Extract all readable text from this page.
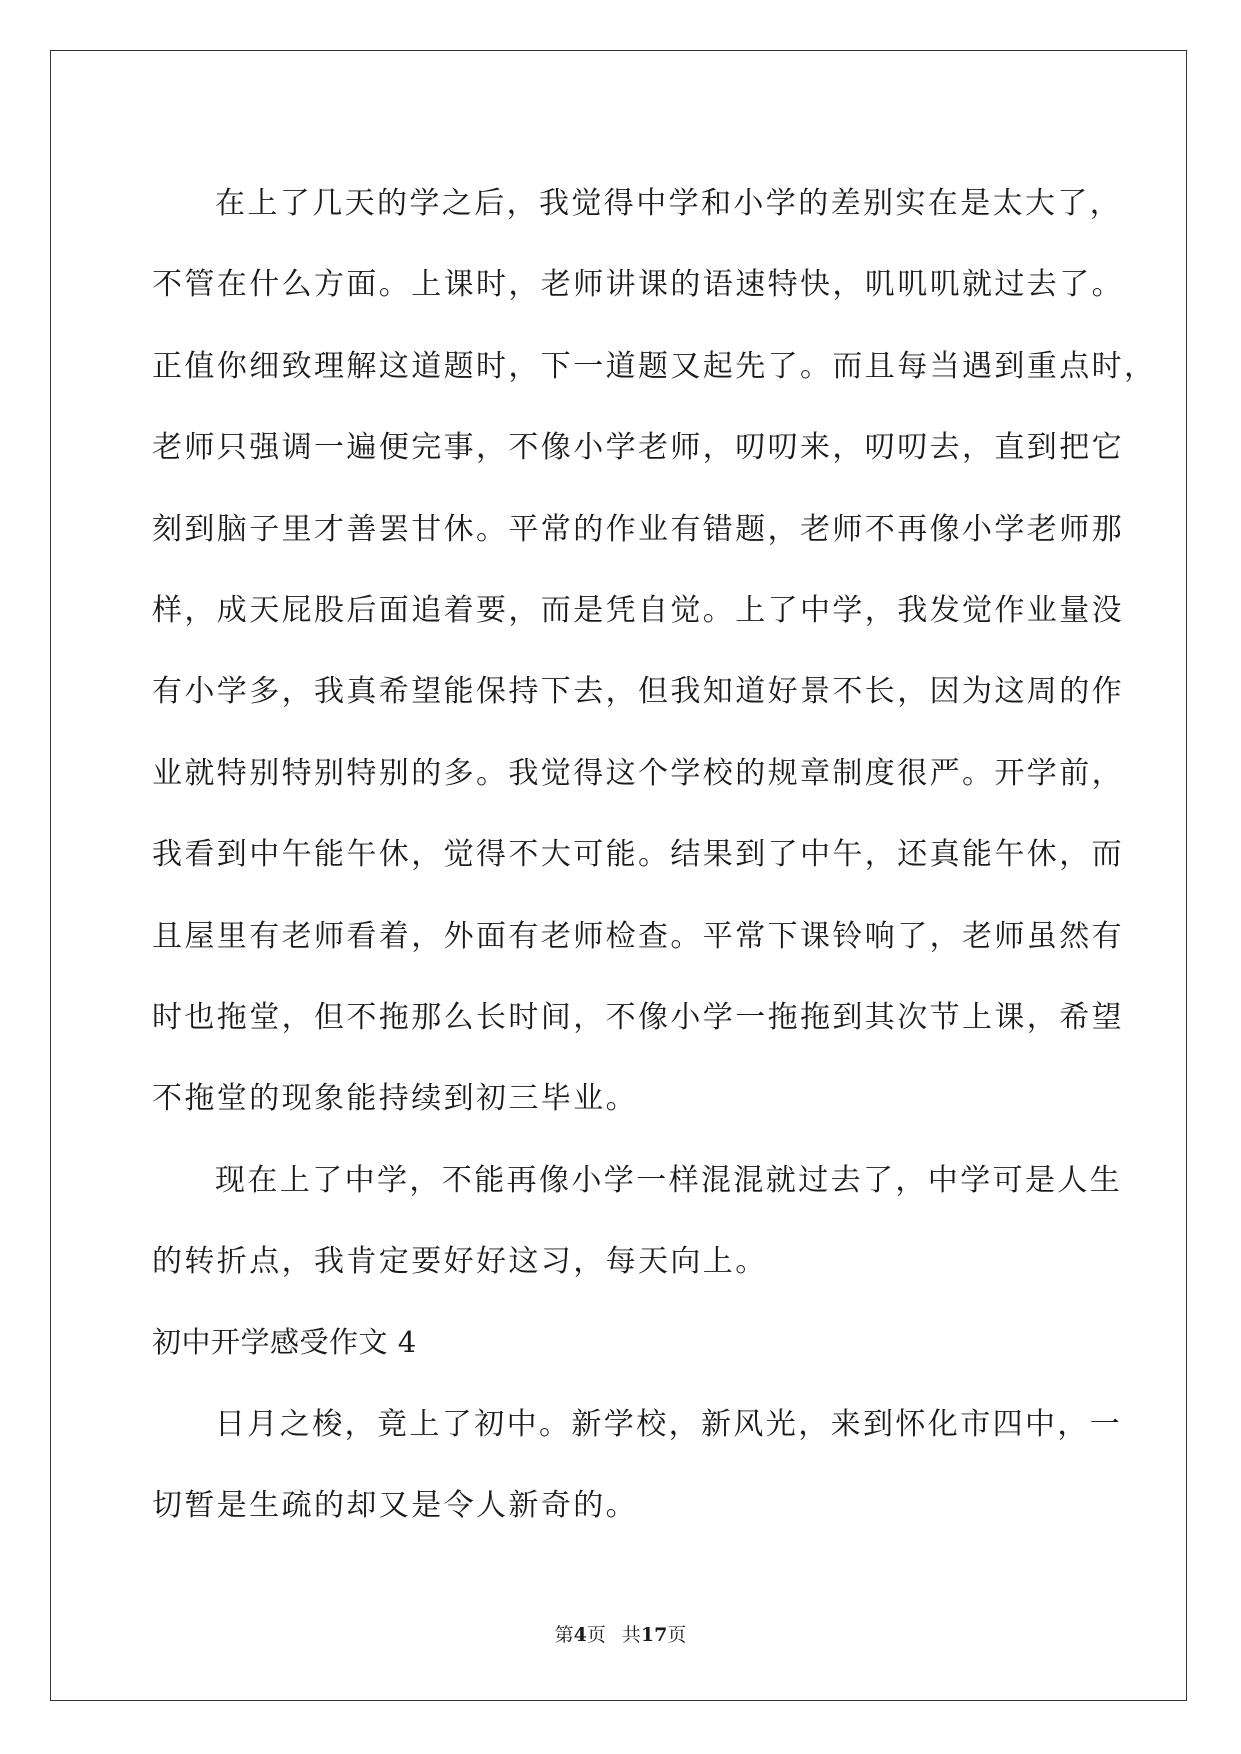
在上了几天的学之后，我觉得中学和小学的差别实在是太大了，

不管在什么方面。上课时，老师讲课的语速特快，叽叽叽就过去了。

正值你细致理解这道题时，下一道题又起先了。而且每当遇到重点时，

老师只强调一遍便完事，不像小学老师，叨叨来，叨叨去，直到把它

刻到脑子里才善罢甘休。平常的作业有错题，老师不再像小学老师那

样，成天屁股后面追着要，而是凭自觉。上了中学，我发觉作业量没

有小学多，我真希望能保持下去，但我知道好景不长，因为这周的作

业就特别特别特别的多。我觉得这个学校的规章制度很严。开学前，

我看到中午能午休，觉得不大可能。结果到了中午，还真能午休，而

且屋里有老师看着，外面有老师检查。平常下课铃响了，老师虽然有

时也拖堂，但不拖那么长时间，不像小学一拖拖到其次节上课，希望

不拖堂的现象能持续到初三毕业。

现在上了中学，不能再像小学一样混混就过去了，中学可是人生

的转折点，我肯定要好好这习，每天向上。

初中开学感受作文 4

日月之梭，竟上了初中。新学校，新风光，来到怀化市四中，一

切暂是生疏的却又是令人新奇的。

第4页 共17页
